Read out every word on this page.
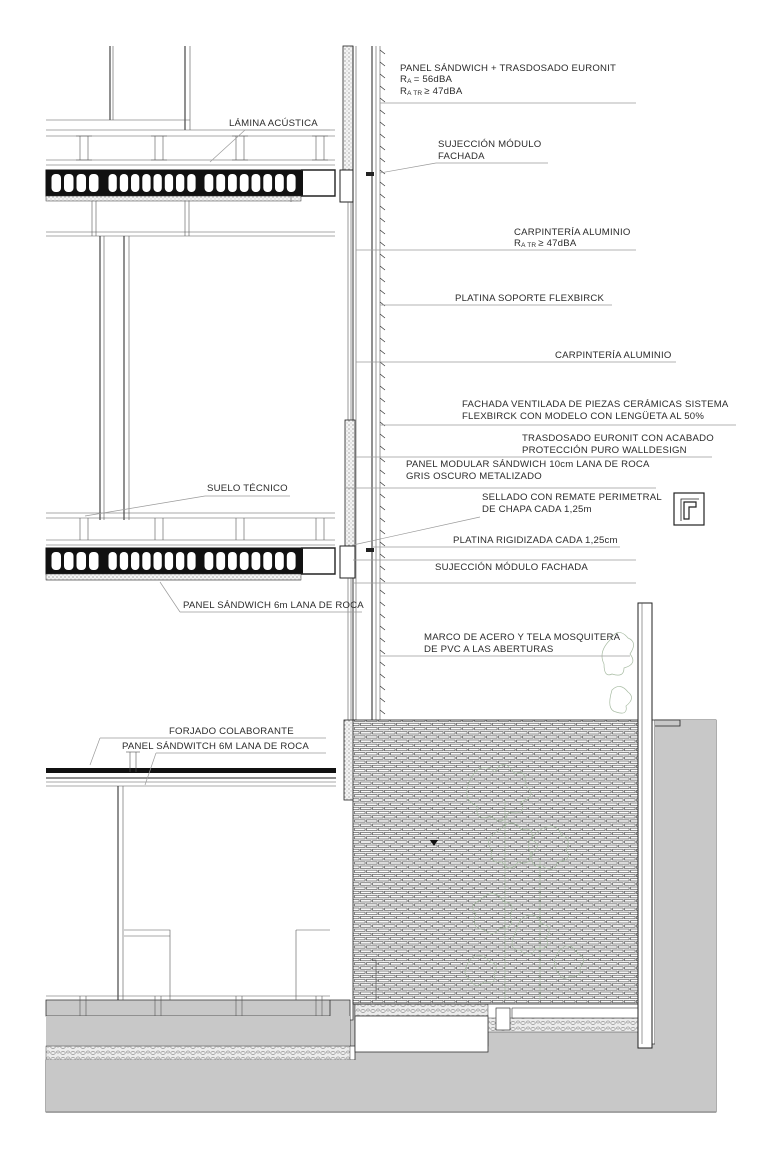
PANEL SÁNDWICH + TRASDOSADO EURONIT
RA = 56dBA
RA TR ≥ 47dBA
LÁMINA ACÚSTICA
SUJECCIÓN MÓDULO
FACHADA
CARPINTERÍA ALUMINIO
RA TR ≥ 47dBA
PLATINA SOPORTE FLEXBIRCK
CARPINTERÍA ALUMINIO
FACHADA VENTILADA DE PIEZAS CERÁMICAS SISTEMA
FLEXBIRCK CON MODELO CON LENGÜETA AL 50%
TRASDOSADO EURONIT CON ACABADO
PROTECCIÓN PURO WALLDESIGN
PANEL MODULAR SÁNDWICH 10cm LANA DE ROCA
GRIS OSCURO METALIZADO
SUELO TÉCNICO
SELLADO CON REMATE PERIMETRAL
DE CHAPA CADA 1,25m
PLATINA RIGIDIZADA CADA 1,25cm
SUJECCIÓN MÓDULO FACHADA
PANEL SÁNDWICH 6m LANA DE ROCA
MARCO DE ACERO Y TELA MOSQUITERA
DE PVC A LAS ABERTURAS
FORJADO COLABORANTE
PANEL SÁNDWITCH 6M LANA DE ROCA
